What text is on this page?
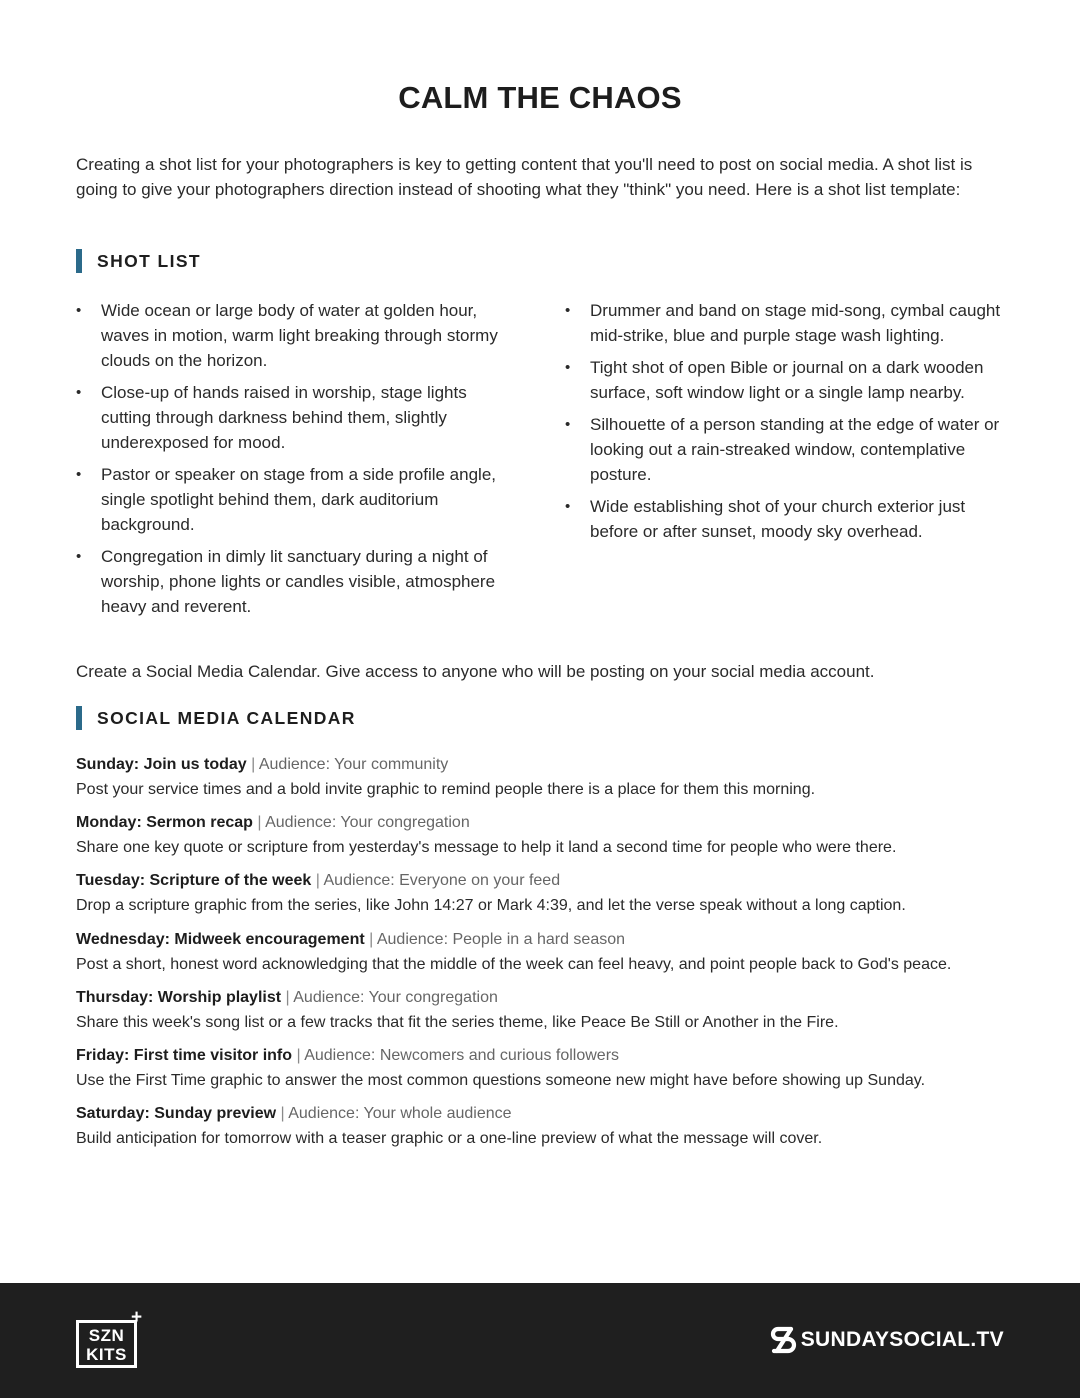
CALM THE CHAOS

Creating a shot list for your photographers is key to getting content that you'll need to post on social media. A shot list is going to give your photographers direction instead of shooting what they "think" you need. Here is a shot list template:

SHOT LIST
• Wide ocean or large body of water at golden hour, waves in motion, warm light breaking through stormy clouds on the horizon.
• Close-up of hands raised in worship, stage lights cutting through darkness behind them, slightly underexposed for mood.
• Pastor or speaker on stage from a side profile angle, single spotlight behind them, dark auditorium background.
• Congregation in dimly lit sanctuary during a night of worship, phone lights or candles visible, atmosphere heavy and reverent.
• Drummer and band on stage mid-song, cymbal caught mid-strike, blue and purple stage wash lighting.
• Tight shot of open Bible or journal on a dark wooden surface, soft window light or a single lamp nearby.
• Silhouette of a person standing at the edge of water or looking out a rain-streaked window, contemplative posture.
• Wide establishing shot of your church exterior just before or after sunset, moody sky overhead.

Create a Social Media Calendar. Give access to anyone who will be posting on your social media account.

SOCIAL MEDIA CALENDAR
Sunday: Join us today | Audience: Your community
Post your service times and a bold invite graphic to remind people there is a place for them this morning.
Monday: Sermon recap | Audience: Your congregation
Share one key quote or scripture from yesterday's message to help it land a second time for people who were there.
Tuesday: Scripture of the week | Audience: Everyone on your feed
Drop a scripture graphic from the series, like John 14:27 or Mark 4:39, and let the verse speak without a long caption.
Wednesday: Midweek encouragement | Audience: People in a hard season
Post a short, honest word acknowledging that the middle of the week can feel heavy, and point people back to God's peace.
Thursday: Worship playlist | Audience: Your congregation
Share this week's song list or a few tracks that fit the series theme, like Peace Be Still or Another in the Fire.
Friday: First time visitor info | Audience: Newcomers and curious followers
Use the First Time graphic to answer the most common questions someone new might have before showing up Sunday.
Saturday: Sunday preview | Audience: Your whole audience
Build anticipation for tomorrow with a teaser graphic or a one-line preview of what the message will cover.
SZN
KITS
+
SUNDAYSOCIAL.TV
